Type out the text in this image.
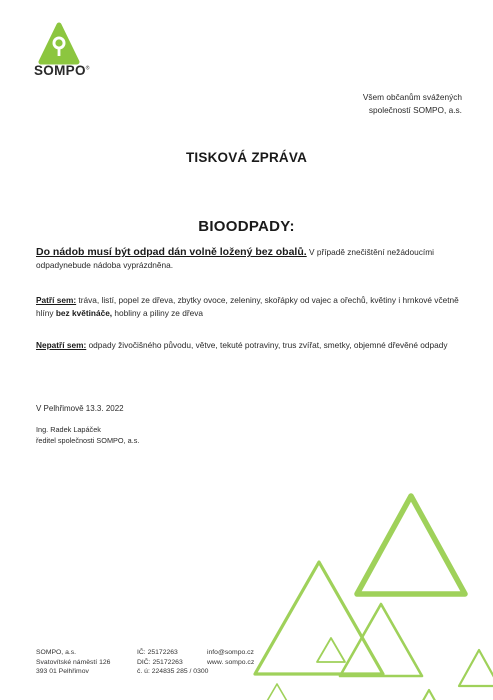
SOMPO®
Všem občanům svážených
společností SOMPO, a.s.
TISKOVÁ ZPRÁVA
BIOODPADY:
Do nádob musí být odpad dán volně ložený bez obalů. V případě znečištění nežádoucími odpadynebude nádoba vyprázdněna.
Patří sem: tráva, listí, popel ze dřeva, zbytky ovoce, zeleniny, skořápky od vajec a ořechů, květiny i hrnkové včetně hlíny bez květináče, hobliny a piliny ze dřeva
Nepatří sem: odpady živočišného původu, větve, tekuté potraviny, trus zvířat, smetky, objemné dřevěné odpady
V Pelhřimově 13.3. 2022
Ing. Radek Lapáček
ředitel společnosti SOMPO, a.s.
SOMPO, a.s.
Svatovítské náměstí 126
393 01 Pelhřimov
IČ: 25172263
DIČ: 25172263
č. ú: 224835 285 / 0300
info@sompo.cz
www. sompo.cz
